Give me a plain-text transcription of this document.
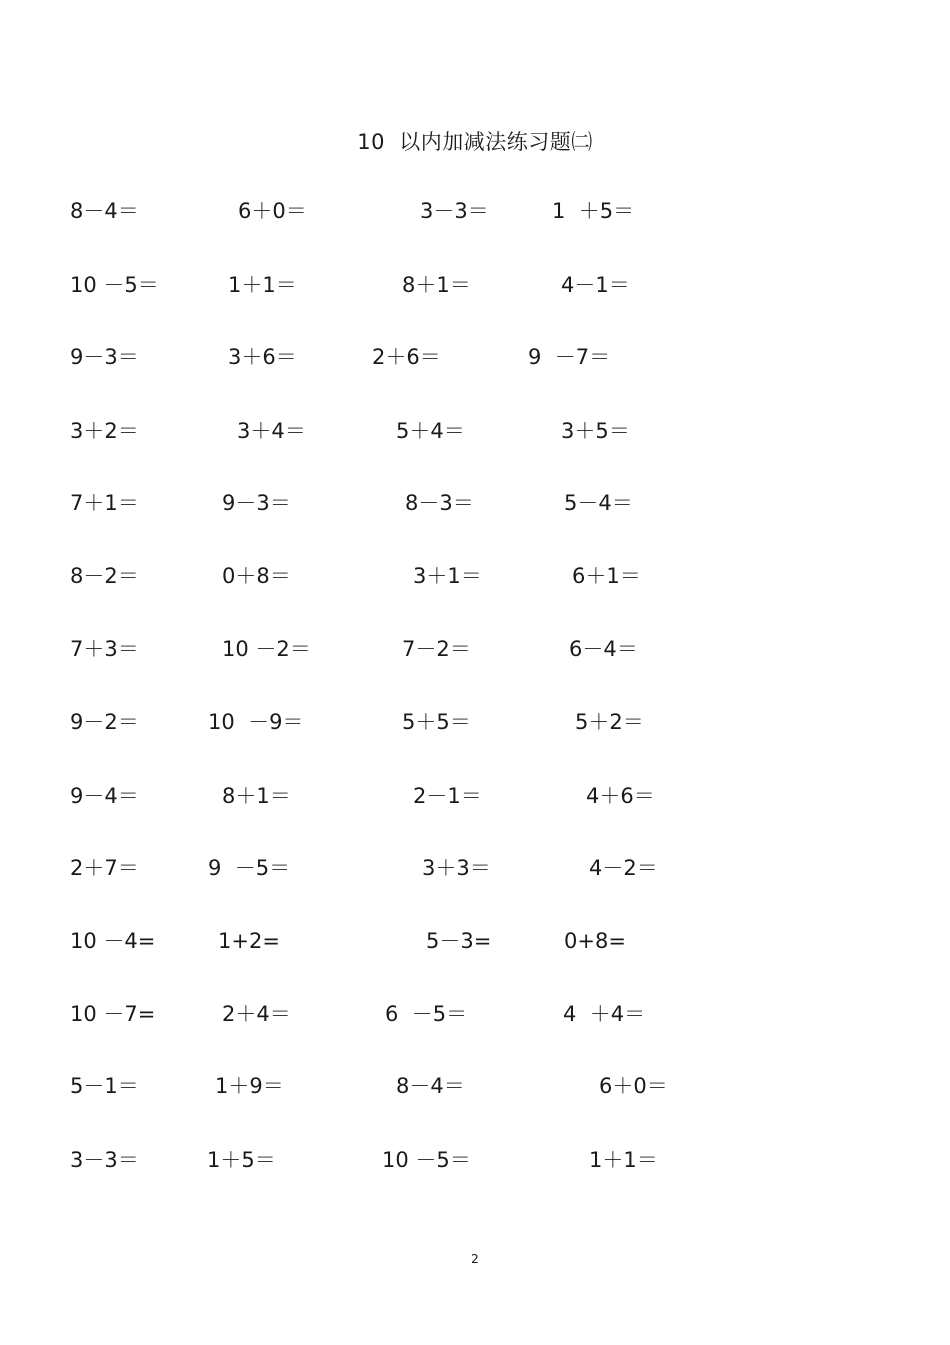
10  以内加减法练习题㈡
8－4＝	6＋0＝	3－3＝	1  ＋5＝
10 －5＝	1＋1＝	8＋1＝	4－1＝
9－3＝	3＋6＝	2＋6＝	9  －7＝
3＋2＝	3＋4＝	5＋4＝	3＋5＝
7＋1＝	9－3＝	8－3＝	5－4＝
8－2＝	0＋8＝	3＋1＝	6＋1＝
7＋3＝	10 －2＝	7－2＝	6－4＝
9－2＝	10  －9＝	5＋5＝	5＋2＝
9－4＝	8＋1＝	2－1＝	4＋6＝
2＋7＝	9  －5＝	3＋3＝	4－2＝
10 －4=	1+2=	5－3=	0+8=
10 －7=	2＋4＝	6  －5＝	4  ＋4＝
5－1＝	1＋9＝	8－4＝	6＋0＝
3－3＝	1＋5＝	10 －5＝	1＋1＝
2
